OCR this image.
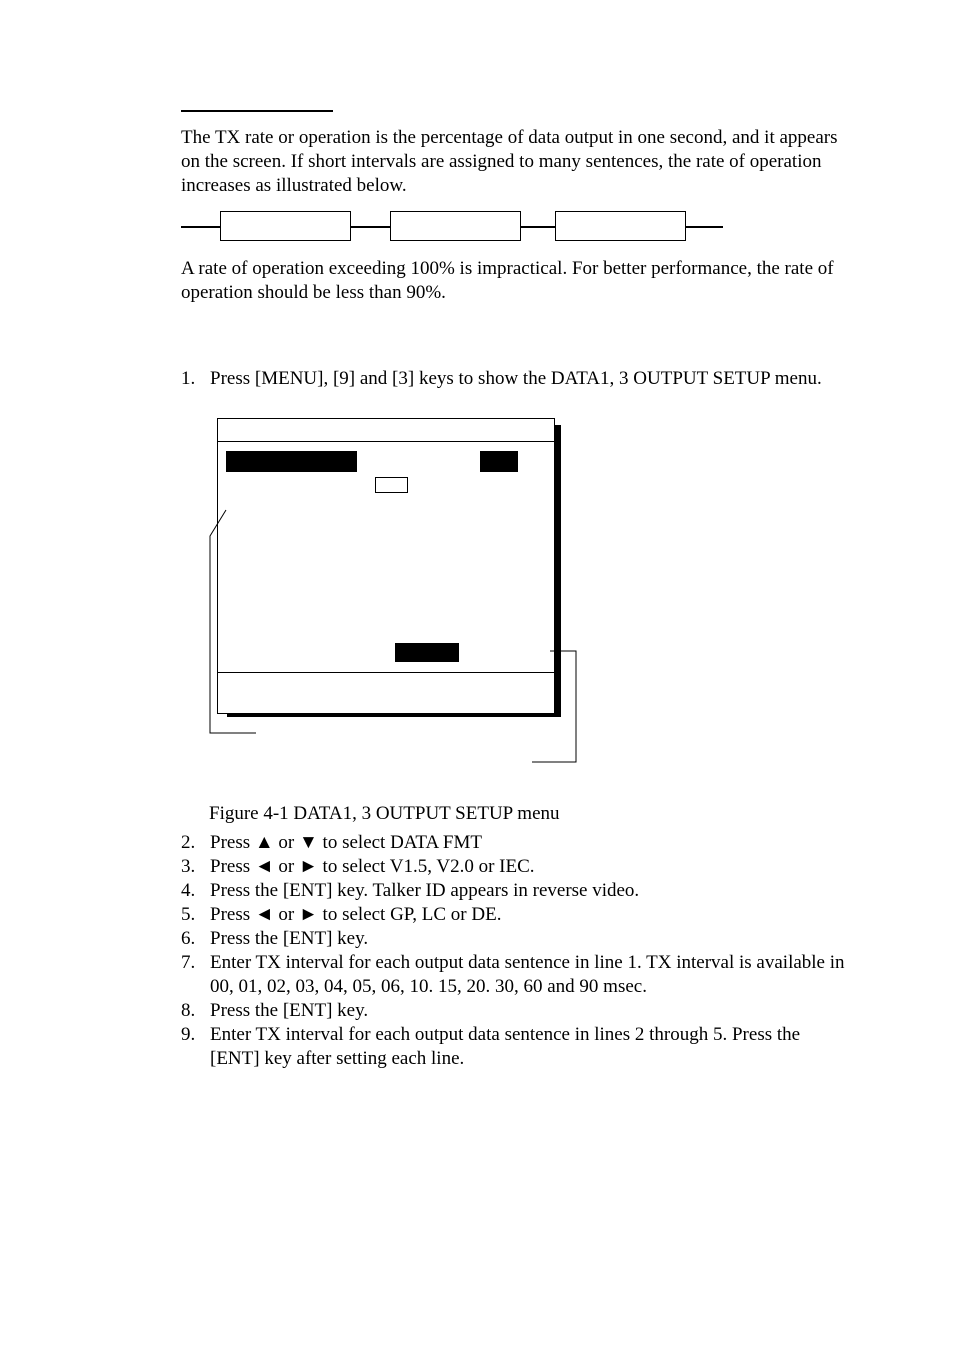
The TX rate or operation is the percentage of data output in one second, and it appears on the screen. If short intervals are assigned to many sentences, the rate of operation increases as illustrated below.

A rate of operation exceeding 100% is impractical. For better performance, the rate of operation should be less than 90%.

1. Press [MENU], [9] and [3] keys to show the DATA1, 3 OUTPUT SETUP menu.
Figure 4-1 DATA1, 3 OUTPUT SETUP menu
2. Press ▲ or ▼ to select DATA FMT
3. Press ◄ or ► to select V1.5, V2.0 or IEC.
4. Press the [ENT] key. Talker ID appears in reverse video.
5. Press ◄ or ► to select GP, LC or DE.
6. Press the [ENT] key.
7. Enter TX interval for each output data sentence in line 1. TX interval is available in 00, 01, 02, 03, 04, 05, 06, 10. 15, 20. 30, 60 and 90 msec.
8. Press the [ENT] key.
9. Enter TX interval for each output data sentence in lines 2 through 5. Press the [ENT] key after setting each line.
